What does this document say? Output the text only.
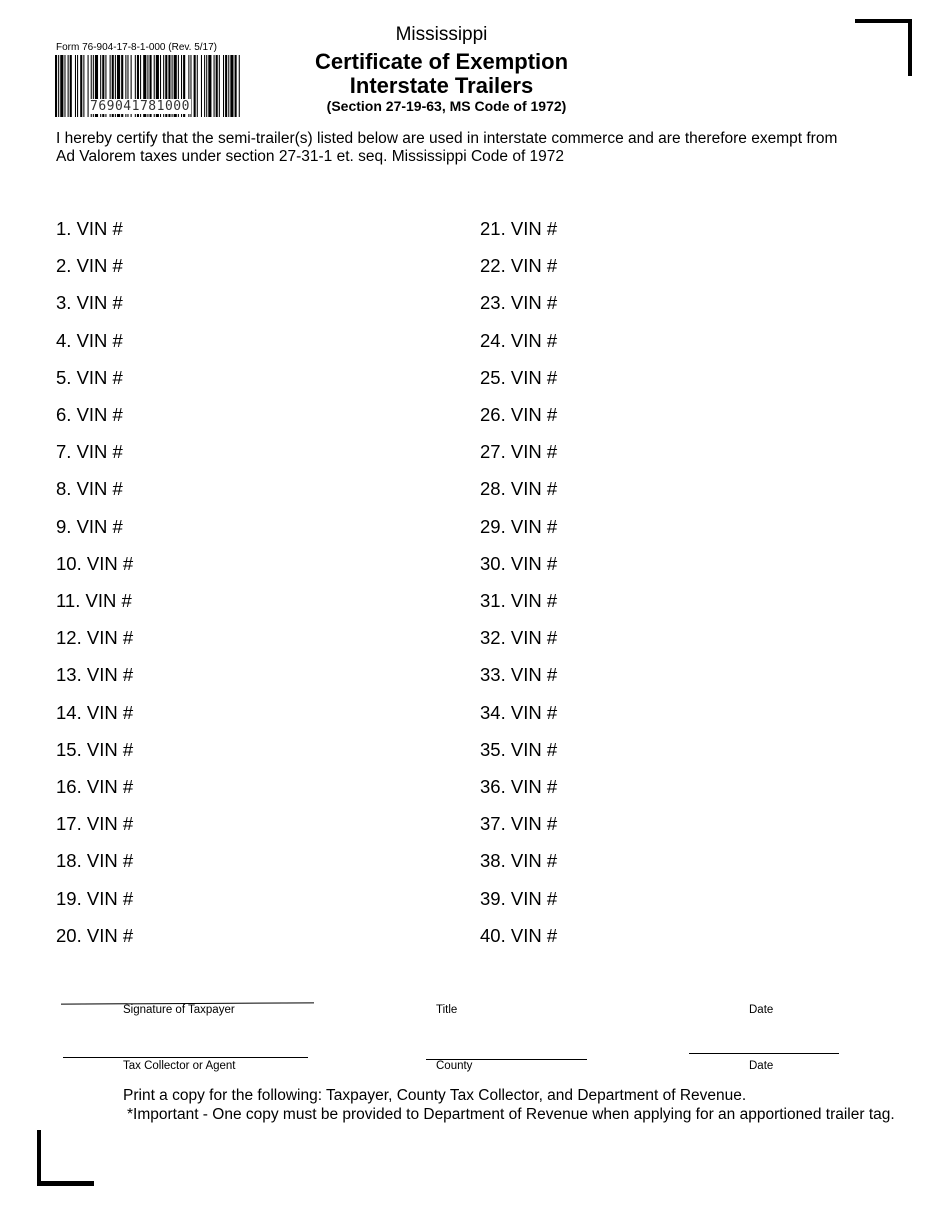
Form 76-904-17-8-1-000 (Rev. 5/17)
769041781000
Mississippi
Certificate of Exemption
Interstate Trailers
(Section 27-19-63, MS Code of 1972)
I hereby certify that the semi-trailer(s) listed below are used in interstate commerce and are therefore exempt from Ad Valorem taxes under section 27-31-1 et. seq. Mississippi Code of 1972
1. VIN #
2. VIN #
3. VIN #
4. VIN #
5. VIN #
6. VIN #
7. VIN #
8. VIN #
9. VIN #
10. VIN #
11. VIN #
12. VIN #
13. VIN #
14. VIN #
15. VIN #
16. VIN #
17. VIN #
18. VIN #
19. VIN #
20. VIN #
21. VIN #
22. VIN #
23. VIN #
24. VIN #
25. VIN #
26. VIN #
27. VIN #
28. VIN #
29. VIN #
30. VIN #
31. VIN #
32. VIN #
33. VIN #
34. VIN #
35. VIN #
36. VIN #
37. VIN #
38. VIN #
39. VIN #
40. VIN #
Signature of Taxpayer	Title	Date
Tax Collector or Agent	County	Date
Print a copy for the following: Taxpayer, County Tax Collector, and Department of Revenue.
*Important - One copy must be provided to Department of Revenue when applying for an apportioned trailer tag.
